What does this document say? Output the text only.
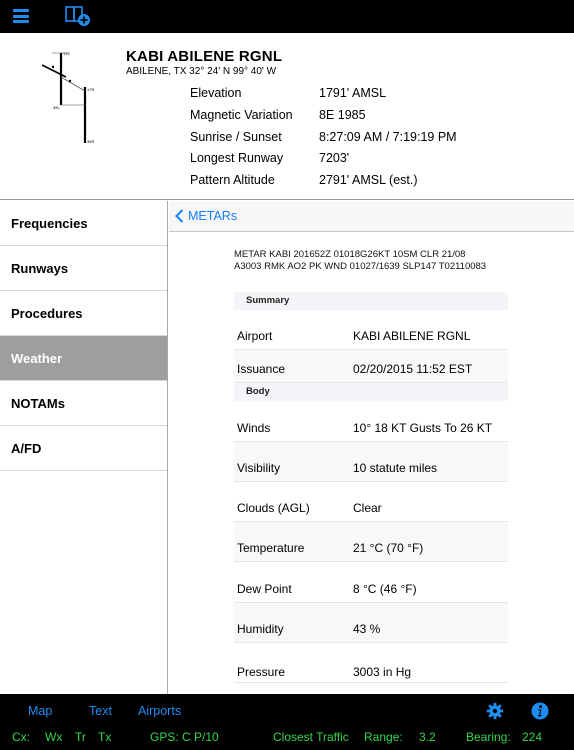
17L
17R
35L
35R
KABI ABILENE RGNL
ABILENE, TX 32° 24' N 99° 40' W
Elevation	1791' AMSL
Magnetic Variation	8E 1985
Sunrise / Sunset	8:27:09 AM / 7:19:19 PM
Longest Runway	7203'
Pattern Altitude	2791' AMSL (est.)
Frequencies
Runways
Procedures
Weather
NOTAMs
A/FD
METARs
METAR KABI 201652Z 01018G26KT 10SM CLR 21/08 A3003 RMK AO2 PK WND 01027/1639 SLP147 T02110083
Summary
Airport	KABI ABILENE RGNL
Issuance	02/20/2015 11:52 EST
Body
Winds	10° 18 KT Gusts To 26 KT
Visibility	10 statute miles
Clouds (AGL)	Clear
Temperature	21 °C (70 °F)
Dew Point	8 °C (46 °F)
Humidity	43 %
Pressure	3003 in Hg
Map	Text Airports
Cx: Wx Tr Tx	GPS: C P/10	Closest Traffic Range: 3.2	Bearing: 224
